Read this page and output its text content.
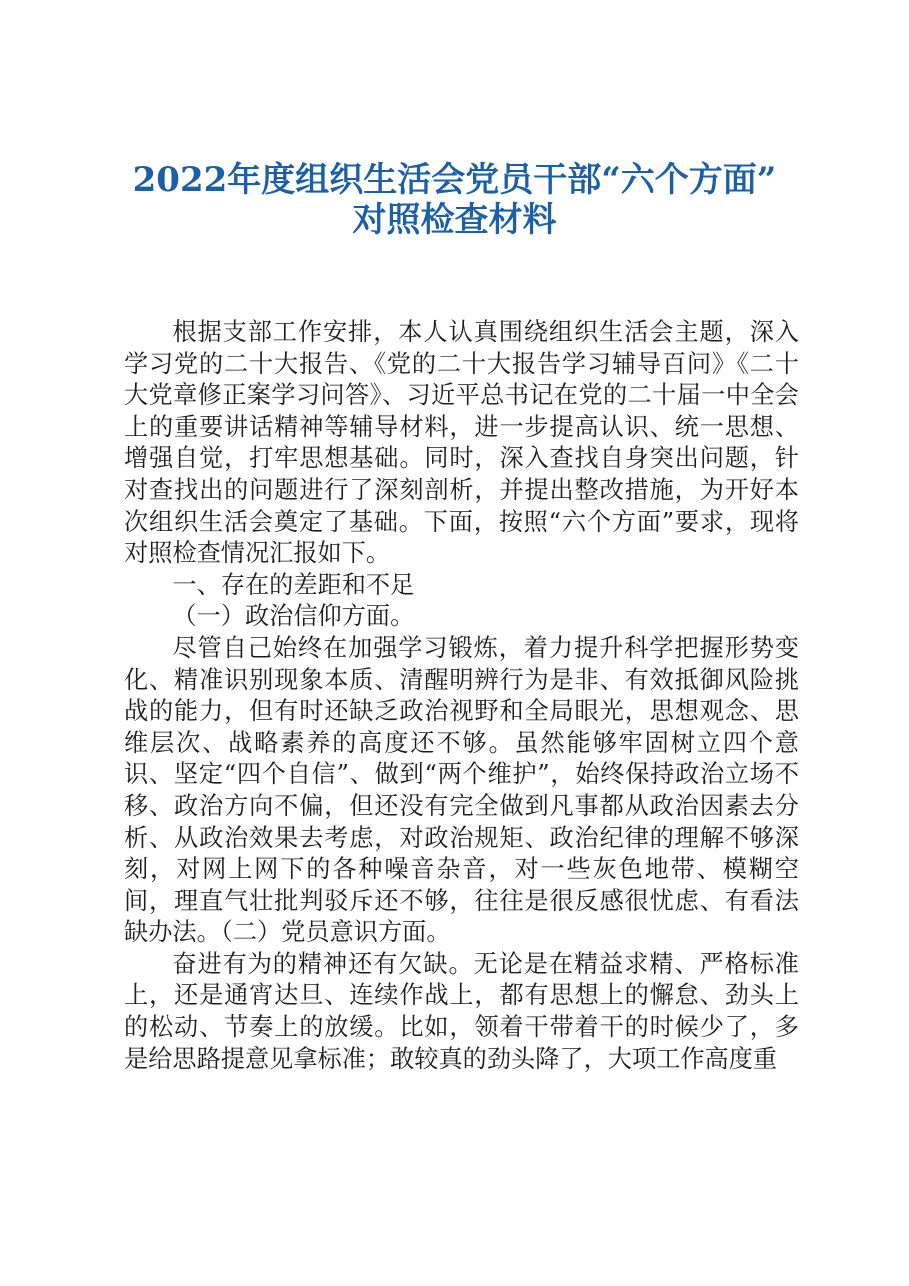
2022年度组织生活会党员干部“六个方面”
对照检查材料

根据支部工作安排，本人认真围绕组织生活会主题，深入学习党的二十大报告、《党的二十大报告学习辅导百问》《二十大党章修正案学习问答》、习近平总书记在党的二十届一中全会上的重要讲话精神等辅导材料，进一步提高认识、统一思想、增强自觉，打牢思想基础。同时，深入查找自身突出问题，针对查找出的问题进行了深刻剖析，并提出整改措施，为开好本次组织生活会奠定了基础。下面，按照“六个方面”要求，现将对照检查情况汇报如下。

一、存在的差距和不足

（一）政治信仰方面。

尽管自己始终在加强学习锻炼，着力提升科学把握形势变化、精准识别现象本质、清醒明辨行为是非、有效抵御风险挑战的能力，但有时还缺乏政治视野和全局眼光，思想观念、思维层次、战略素养的高度还不够。虽然能够牢固树立四个意识、坚定“四个自信”、做到“两个维护”，始终保持政治立场不移、政治方向不偏，但还没有完全做到凡事都从政治因素去分析、从政治效果去考虑，对政治规矩、政治纪律的理解不够深刻，对网上网下的各种噪音杂音，对一些灰色地带、模糊空间，理直气壮批判驳斥还不够，往往是很反感很忧虑、有看法缺办法。（二）党员意识方面。

奋进有为的精神还有欠缺。无论是在精益求精、严格标准上，还是通宵达旦、连续作战上，都有思想上的懈怠、劲头上的松动、节奏上的放缓。比如，领着干带着干的时候少了，多是给思路提意见拿标准；敢较真的劲头降了，大项工作高度重
